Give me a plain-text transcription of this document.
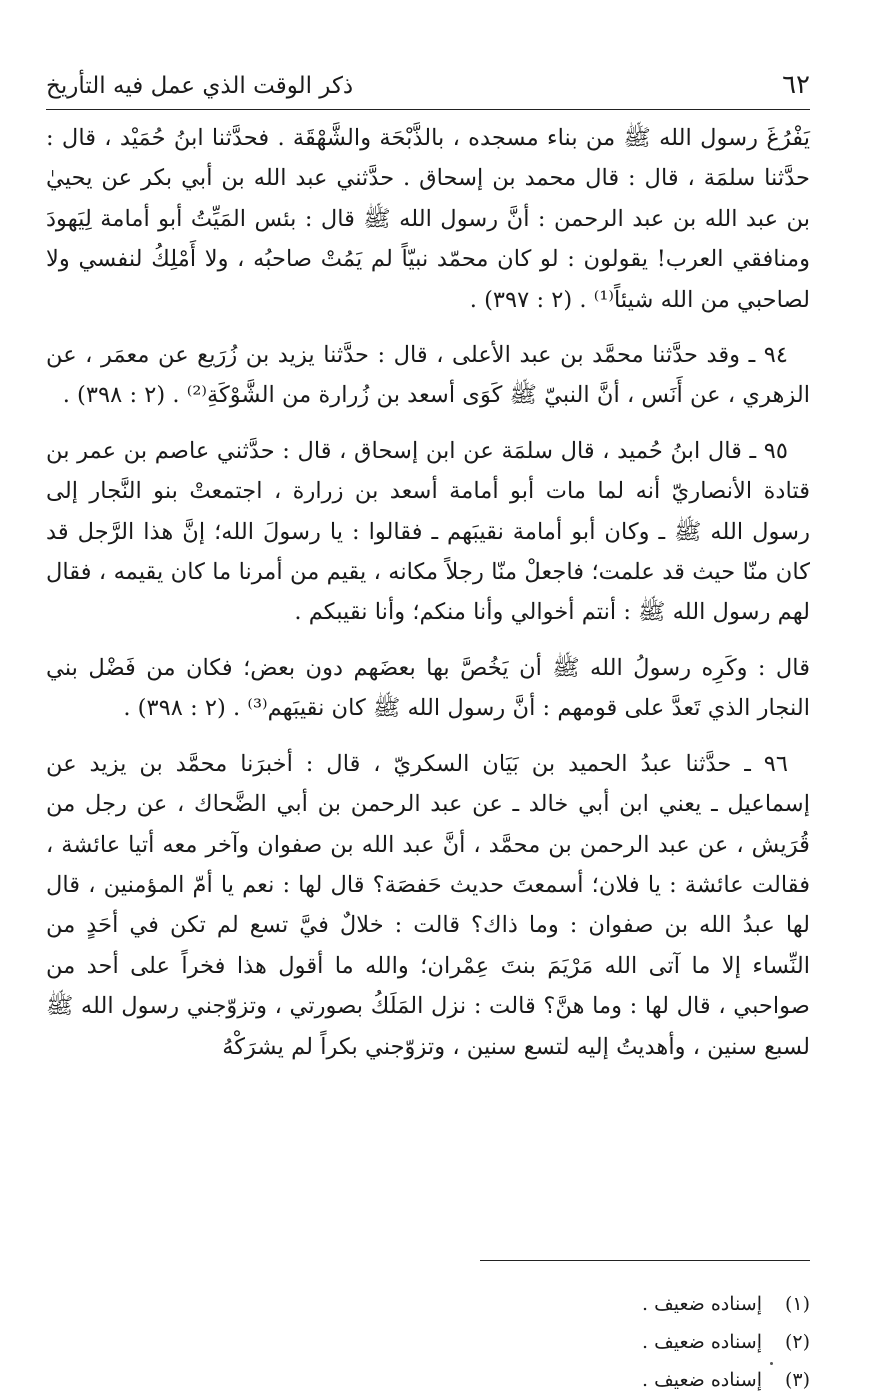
٦٢
ذكر الوقت الذي عمل فيه التأريخ

يَفْرُغَ رسول الله ﷺ من بناء مسجده ، بالذَّبْحَة والشَّهْقَة . فحدَّثنا ابنُ حُمَيْد ، قال : حدَّثنا سلمَة ، قال : قال محمد بن إسحاق . حدَّثني عبد الله بن أبي بكر عن يحييٰ بن عبد الله بن عبد الرحمن : أنَّ رسول الله ﷺ قال : بئس المَيِّتُ أبو أمامة لِيَهودَ ومنافقي العرب! يقولون : لو كان محمّد نبيّاً لم يَمُتْ صاحبُه ، ولا أَمْلِكُ لنفسي ولا لصاحبي من الله شيئاً⁽¹⁾ . (٢ : ٣٩٧) .

٩٤ ـ وقد حدَّثنا محمَّد بن عبد الأعلى ، قال : حدَّثنا يزيد بن زُرَيع عن معمَر ، عن الزهري ، عن أَنَس ، أنَّ النبيّ ﷺ كَوَى أسعد بن زُرارة من الشَّوْكَةِ⁽²⁾ . (٢ : ٣٩٨) .

٩٥ ـ قال ابنُ حُميد ، قال سلمَة عن ابن إسحاق ، قال : حدَّثني عاصم بن عمر بن قتادة الأنصاريّ أنه لما مات أبو أمامة أسعد بن زرارة ، اجتمعتْ بنو النَّجار إلى رسول الله ﷺ ـ وكان أبو أمامة نقيبَهم ـ فقالوا : يا رسولَ الله؛ إنَّ هذا الرَّجل قد كان منّا حيث قد علمت؛ فاجعلْ منّا رجلاً مكانه ، يقيم من أمرنا ما كان يقيمه ، فقال لهم رسول الله ﷺ : أنتم أخوالي وأنا منكم؛ وأنا نقيبكم .

قال : وكَرِه رسولُ الله ﷺ أن يَخُصَّ بها بعضَهم دون بعض؛ فكان من فَضْل بني النجار الذي تَعدَّ على قومهم : أنَّ رسول الله ﷺ كان نقيبَهم⁽³⁾ . (٢ : ٣٩٨) .

٩٦ ـ حدَّثنا عبدُ الحميد بن بَيَان السكريّ ، قال : أخبرَنا محمَّد بن يزيد عن إسماعيل ـ يعني ابن أبي خالد ـ عن عبد الرحمن بن أبي الضَّحاك ، عن رجل من قُرَيش ، عن عبد الرحمن بن محمَّد ، أنَّ عبد الله بن صفوان وآخر معه أتيا عائشة ، فقالت عائشة : يا فلان؛ أسمعتَ حديث حَفصَة؟ قال لها : نعم يا أمّ المؤمنين ، قال لها عبدُ الله بن صفوان : وما ذاك؟ قالت : خلالٌ فيَّ تسع لم تكن في أحَدٍ من النِّساء إلا ما آتى الله مَرْيَمَ بنتَ عِمْران؛ والله ما أقول هذا فخراً على أحد من صواحبي ، قال لها : وما هنَّ؟ قالت : نزل المَلَكُ بصورتي ، وتزوّجني رسول الله ﷺ لسبع سنين ، وأهديتُ إليه لتسع سنين ، وتزوّجني بكراً لم يشرَكْهُ

(١)إسناده ضعيف .

(٢)إسناده ضعيف .

(٣)إسناده ضعيف .
